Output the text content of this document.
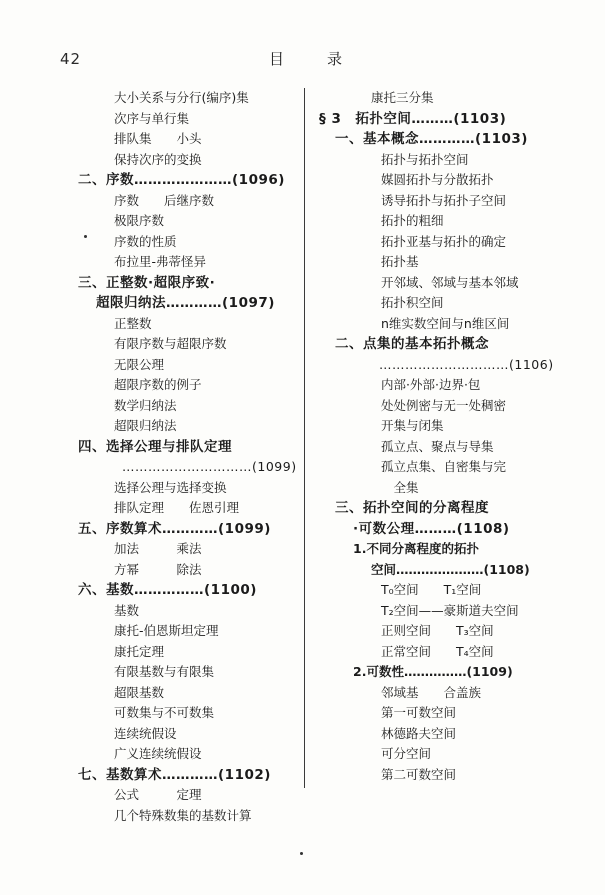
42	目　录
大小关系与分行(编序)集
次序与单行集
排队集　　小头
保持次序的变换
二、序数…………………(1096)
序数　　后继序数
极限序数
序数的性质
布拉里-弗蒂怪异
三、正整数·超限序致·
超限归纳法…………(1097)
正整数
有限序数与超限序数
无限公理
超限序数的例子
数学归纳法
超限归纳法
四、选择公理与排队定理
…………………………(1099)
选择公理与选择变换
排队定理　　佐恩引理
五、序数算术…………(1099)
加法　　　乘法
方幂　　　除法
六、基数……………(1100)
基数
康托-伯恩斯坦定理
康托定理
有限基数与有限集
超限基数
可数集与不可数集
连续统假设
广义连续统假设
七、基数算术…………(1102)
公式　　　定理
几个特殊数集的基数计算
康托三分集
§ 3　拓扑空间………(1103)
一、基本概念…………(1103)
拓扑与拓扑空间
媒圆拓扑与分散拓扑
诱导拓扑与拓扑子空间
拓扑的粗细
拓扑亚基与拓扑的确定
拓扑基
开邻域、邻域与基本邻域
拓扑积空间
n维实数空间与n维区间
二、点集的基本拓扑概念
…………………………(1106)
内部·外部·边界·包
处处例密与无一处稠密
开集与闭集
孤立点、聚点与导集
孤立点集、自密集与完
　全集
三、拓扑空间的分离程度
·可数公理………(1108)
1.不同分离程度的拓扑
空间…………………(1108)
T₀空间　　T₁空间
T₂空间——豪斯道夫空间
正则空间　　T₃空间
正常空间　　T₄空间
2.可数性……………(1109)
邻域基　　合盖族
第一可数空间
林德路夫空间
可分空间
第二可数空间
